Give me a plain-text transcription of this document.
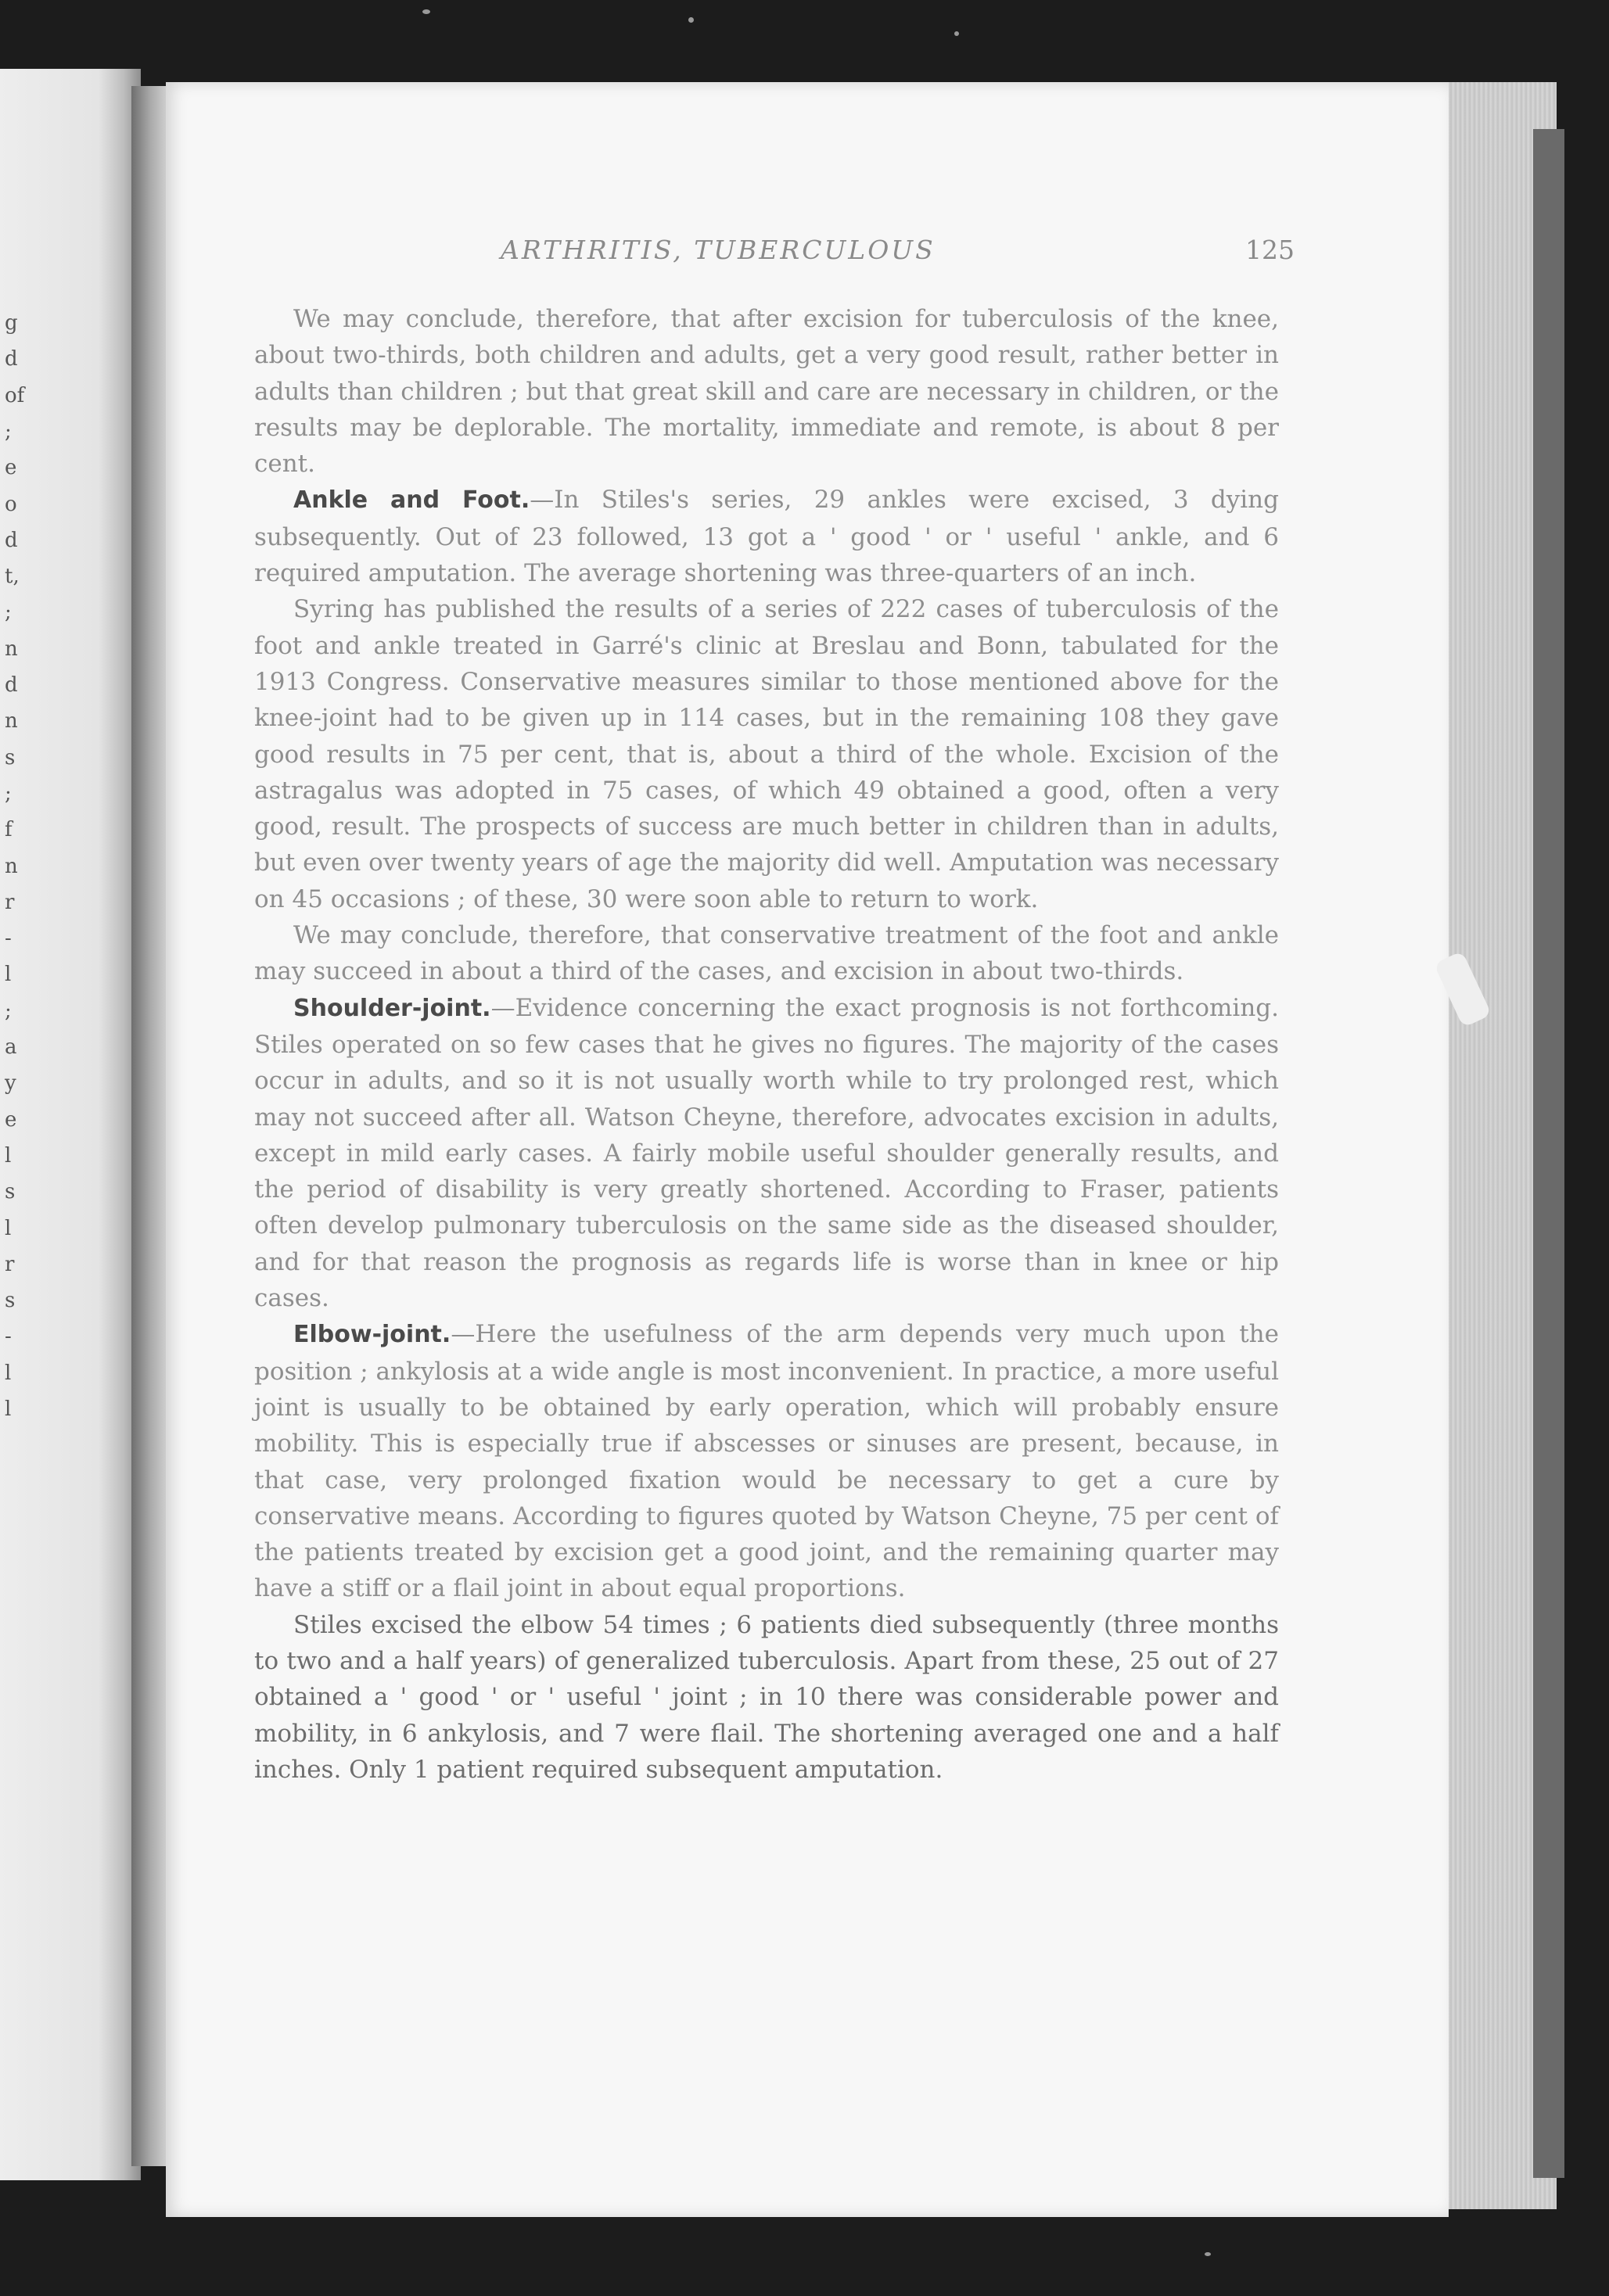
g
d
of
;
e
o
d
t,
;
n
d
n
s
;
f
n
r
-
l
;
a
y
e
l
s
l
r
s
-
l
l
ARTHRITIS, TUBERCULOUS	125

We may conclude, therefore, that after excision for tuberculosis of the knee, about two-thirds, both children and adults, get a very good result, rather better in adults than children ; but that great skill and care are necessary in children, or the results may be deplorable. The mortality, immediate and remote, is about 8 per cent.

Ankle and Foot.—In Stiles's series, 29 ankles were excised, 3 dying subsequently. Out of 23 followed, 13 got a ' good ' or ' useful ' ankle, and 6 required amputation. The average shortening was three-quarters of an inch.

Syring has published the results of a series of 222 cases of tuberculosis of the foot and ankle treated in Garré's clinic at Breslau and Bonn, tabulated for the 1913 Congress. Conservative measures similar to those mentioned above for the knee-joint had to be given up in 114 cases, but in the remaining 108 they gave good results in 75 per cent, that is, about a third of the whole. Excision of the astragalus was adopted in 75 cases, of which 49 obtained a good, often a very good, result. The prospects of success are much better in children than in adults, but even over twenty years of age the majority did well. Amputation was necessary on 45 occasions ; of these, 30 were soon able to return to work.

We may conclude, therefore, that conservative treatment of the foot and ankle may succeed in about a third of the cases, and excision in about two-thirds.

Shoulder-joint.—Evidence concerning the exact prognosis is not forthcoming. Stiles operated on so few cases that he gives no figures. The majority of the cases occur in adults, and so it is not usually worth while to try prolonged rest, which may not succeed after all. Watson Cheyne, therefore, advocates excision in adults, except in mild early cases. A fairly mobile useful shoulder generally results, and the period of disability is very greatly shortened. According to Fraser, patients often develop pulmonary tuberculosis on the same side as the diseased shoulder, and for that reason the prognosis as regards life is worse than in knee or hip cases.

Elbow-joint.—Here the usefulness of the arm depends very much upon the position ; ankylosis at a wide angle is most inconvenient. In practice, a more useful joint is usually to be obtained by early operation, which will probably ensure mobility. This is especially true if abscesses or sinuses are present, because, in that case, very prolonged fixation would be necessary to get a cure by conservative means. According to figures quoted by Watson Cheyne, 75 per cent of the patients treated by excision get a good joint, and the remaining quarter may have a stiff or a flail joint in about equal proportions.

Stiles excised the elbow 54 times ; 6 patients died subsequently (three months to two and a half years) of generalized tuberculosis. Apart from these, 25 out of 27 obtained a ' good ' or ' useful ' joint ; in 10 there was considerable power and mobility, in 6 ankylosis, and 7 were flail. The shortening averaged one and a half inches. Only 1 patient required subsequent amputation.
